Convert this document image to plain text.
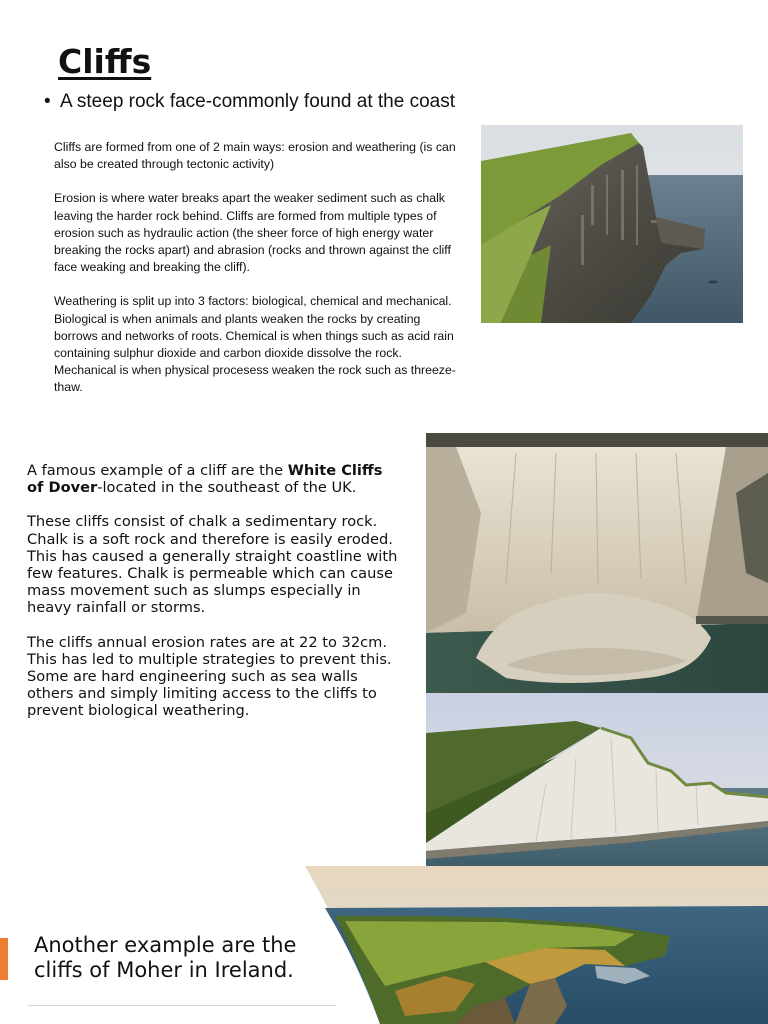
Cliffs
• A steep rock face-commonly found at the coast

Cliffs are formed from one of 2 main ways: erosion and weathering (is can also be created through tectonic activity)

Erosion is where water breaks apart the weaker sediment such as chalk leaving the harder rock behind. Cliffs are formed from multiple types of erosion such as hydraulic action (the sheer force of high energy water breaking the rocks apart) and abrasion (rocks and thrown against the cliff face weaking and breaking the cliff).

Weathering is split up into 3 factors: biological, chemical and mechanical. Biological is when animals and plants weaken the rocks by creating borrows and networks of roots. Chemical is when things such as acid rain containing sulphur dioxide and carbon dioxide dissolve the rock. Mechanical is when physical procesess weaken the rock such as threeze-thaw.

A famous example of a cliff are the White Cliffs of Dover-located in the southeast of the UK.

These cliffs consist of chalk a sedimentary rock. Chalk is a soft rock and therefore is easily eroded. This has caused a generally straight coastline with few features. Chalk is permeable which can cause mass movement such as slumps especially in heavy rainfall or storms.

The cliffs annual erosion rates are at 22 to 32cm. This has led to multiple strategies to prevent this. Some are hard engineering such as sea walls others and simply limiting access to the cliffs to prevent biological weathering.

Another example are the cliffs of Moher in Ireland.
